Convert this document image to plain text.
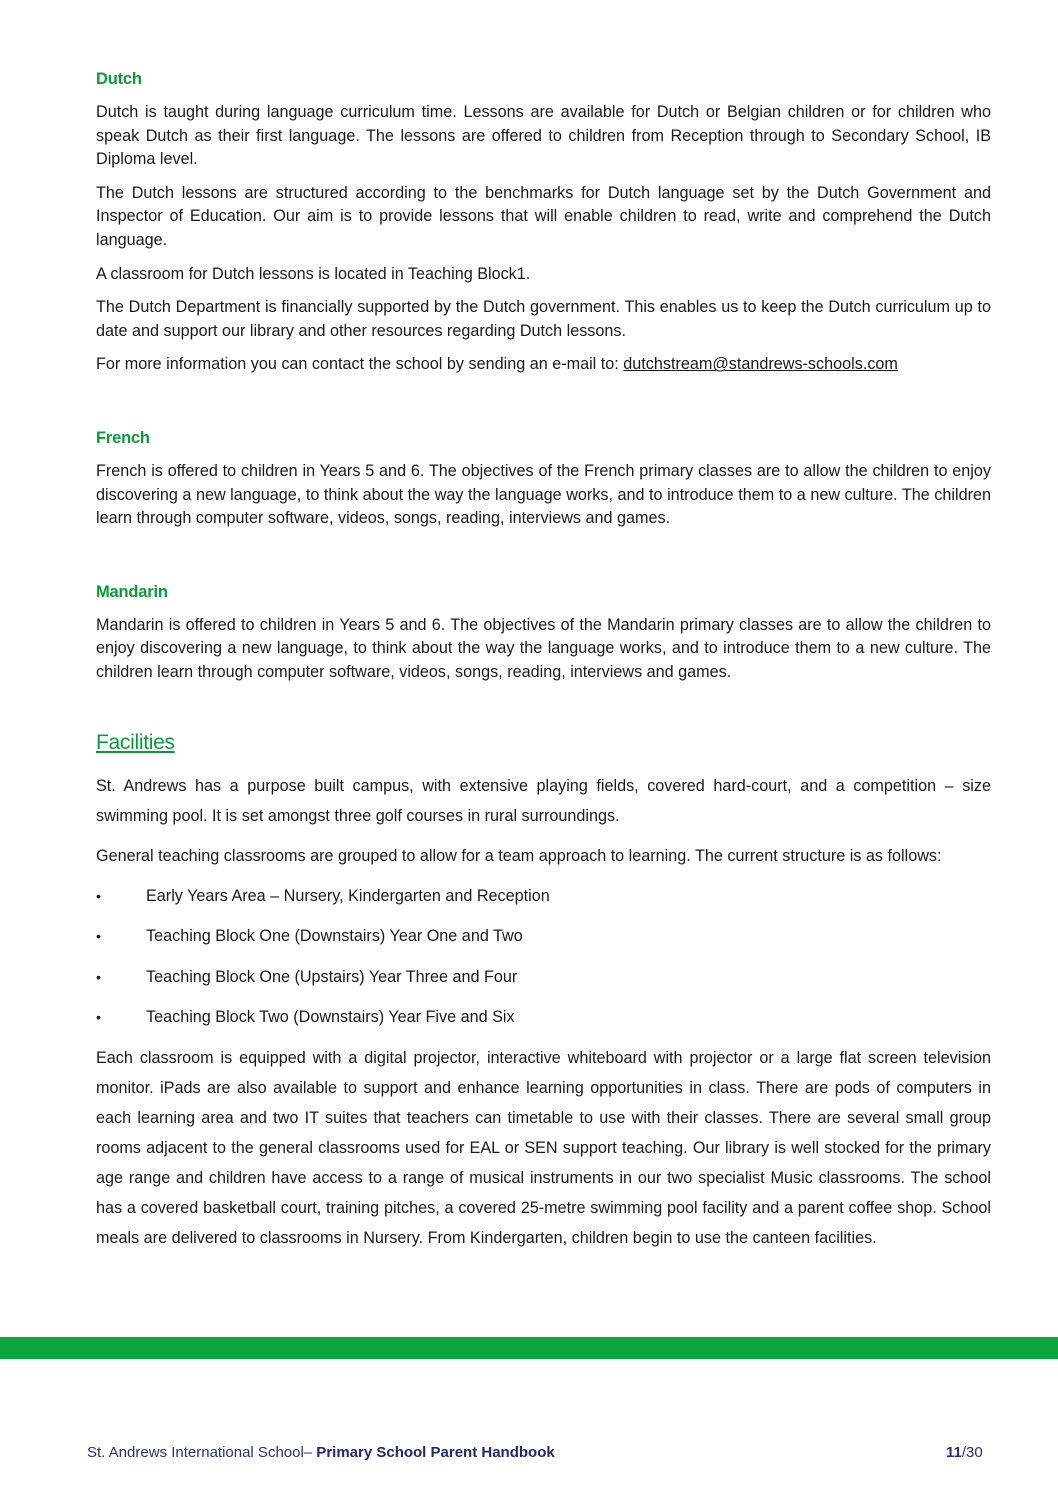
Dutch

Dutch is taught during language curriculum time. Lessons are available for Dutch or Belgian children or for children who speak Dutch as their first language. The lessons are offered to children from Reception through to Secondary School, IB Diploma level.

The Dutch lessons are structured according to the benchmarks for Dutch language set by the Dutch Government and Inspector of Education. Our aim is to provide lessons that will enable children to read, write and comprehend the Dutch language.

A classroom for Dutch lessons is located in Teaching Block1.

The Dutch Department is financially supported by the Dutch government. This enables us to keep the Dutch curriculum up to date and support our library and other resources regarding Dutch lessons.

For more information you can contact the school by sending an e-mail to: dutchstream@standrews-schools.com

French

French is offered to children in Years 5 and 6. The objectives of the French primary classes are to allow the children to enjoy discovering a new language, to think about the way the language works, and to introduce them to a new culture. The children learn through computer software, videos, songs, reading, interviews and games.

Mandarin

Mandarin is offered to children in Years 5 and 6. The objectives of the Mandarin primary classes are to allow the children to enjoy discovering a new language, to think about the way the language works, and to introduce them to a new culture. The children learn through computer software, videos, songs, reading, interviews and games.

Facilities

St. Andrews has a purpose built campus, with extensive playing fields, covered hard-court, and a competition – size swimming pool. It is set amongst three golf courses in rural surroundings.

General teaching classrooms are grouped to allow for a team approach to learning. The current structure is as follows:

•	Early Years Area – Nursery, Kindergarten and Reception
•	Teaching Block One (Downstairs) Year One and Two
•	Teaching Block One (Upstairs) Year Three and Four
•	Teaching Block Two (Downstairs) Year Five and Six

Each classroom is equipped with a digital projector, interactive whiteboard with projector or a large flat screen television monitor. iPads are also available to support and enhance learning opportunities in class. There are pods of computers in each learning area and two IT suites that teachers can timetable to use with their classes. There are several small group rooms adjacent to the general classrooms used for EAL or SEN support teaching. Our library is well stocked for the primary age range and children have access to a range of musical instruments in our two specialist Music classrooms. The school has a covered basketball court, training pitches, a covered 25-metre swimming pool facility and a parent coffee shop. School meals are delivered to classrooms in Nursery. From Kindergarten, children begin to use the canteen facilities.

St. Andrews International School– Primary School Parent Handbook	11/30
